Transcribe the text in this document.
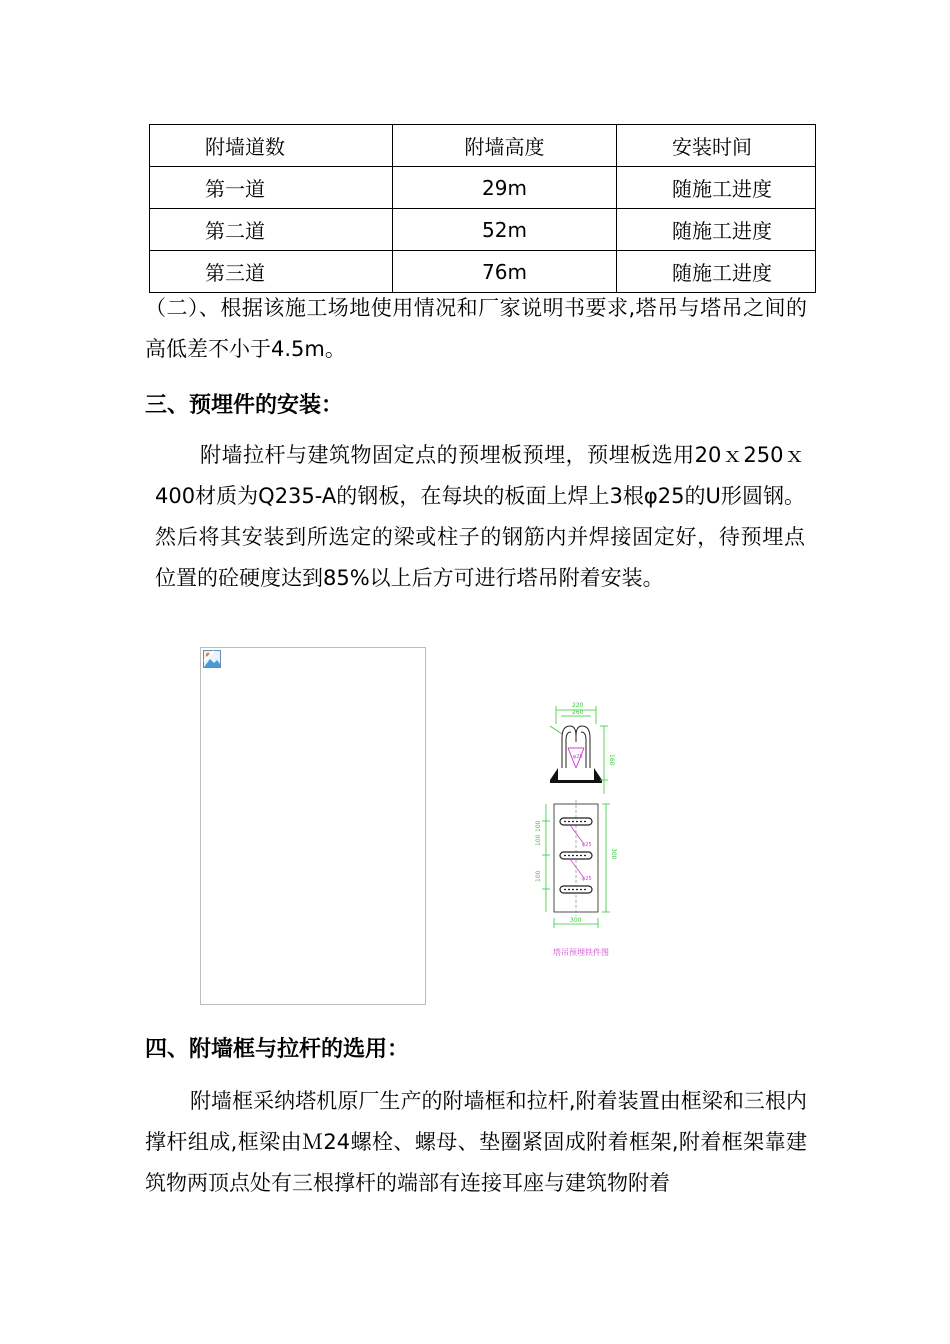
附墙道数	附墙高度	安装时间
第一道	29m	随施工进度
第二道	52m	随施工进度
第三道	76m	随施工进度

（二）、根据该施工场地使用情况和厂家说明书要求,塔吊与塔吊之间的高低差不小于4.5m。

三、预埋件的安装：

附墙拉杆与建筑物固定点的预埋板预埋，预埋板选用20ｘ250ｘ400材质为Q235-A的钢板，在每块的板面上焊上3根φ25的U形圆钢。然后将其安装到所选定的梁或柱子的钢筋内并焊接固定好，待预埋点位置的砼硬度达到85%以上后方可进行塔吊附着安装。

220
260
φ25	160
φ25
φ25
100
100
100
300
300
塔吊预埋铁件图
四、附墙框与拉杆的选用：

附墙框采纳塔机原厂生产的附墙框和拉杆,附着装置由框梁和三根内撑杆组成,框梁由Ｍ24螺栓、螺母、垫圈紧固成附着框架,附着框架靠建筑物两顶点处有三根撑杆的端部有连接耳座与建筑物附着
